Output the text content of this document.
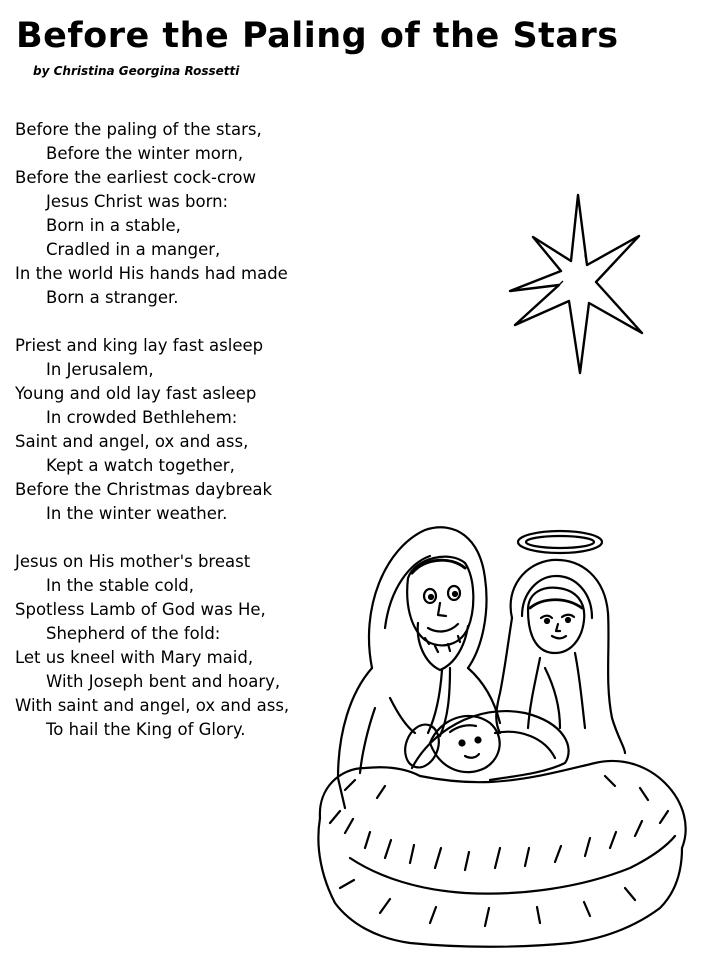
Before the Paling of the Stars
by Christina Georgina Rossetti
Before the paling of the stars,
Before the winter morn,
Before the earliest cock-crow
Jesus Christ was born:
Born in a stable,
Cradled in a manger,
In the world His hands had made
Born a stranger.
Priest and king lay fast asleep
In Jerusalem,
Young and old lay fast asleep
In crowded Bethlehem:
Saint and angel, ox and ass,
Kept a watch together,
Before the Christmas daybreak
In the winter weather.
Jesus on His mother's breast
In the stable cold,
Spotless Lamb of God was He,
Shepherd of the fold:
Let us kneel with Mary maid,
With Joseph bent and hoary,
With saint and angel, ox and ass,
To hail the King of Glory.
